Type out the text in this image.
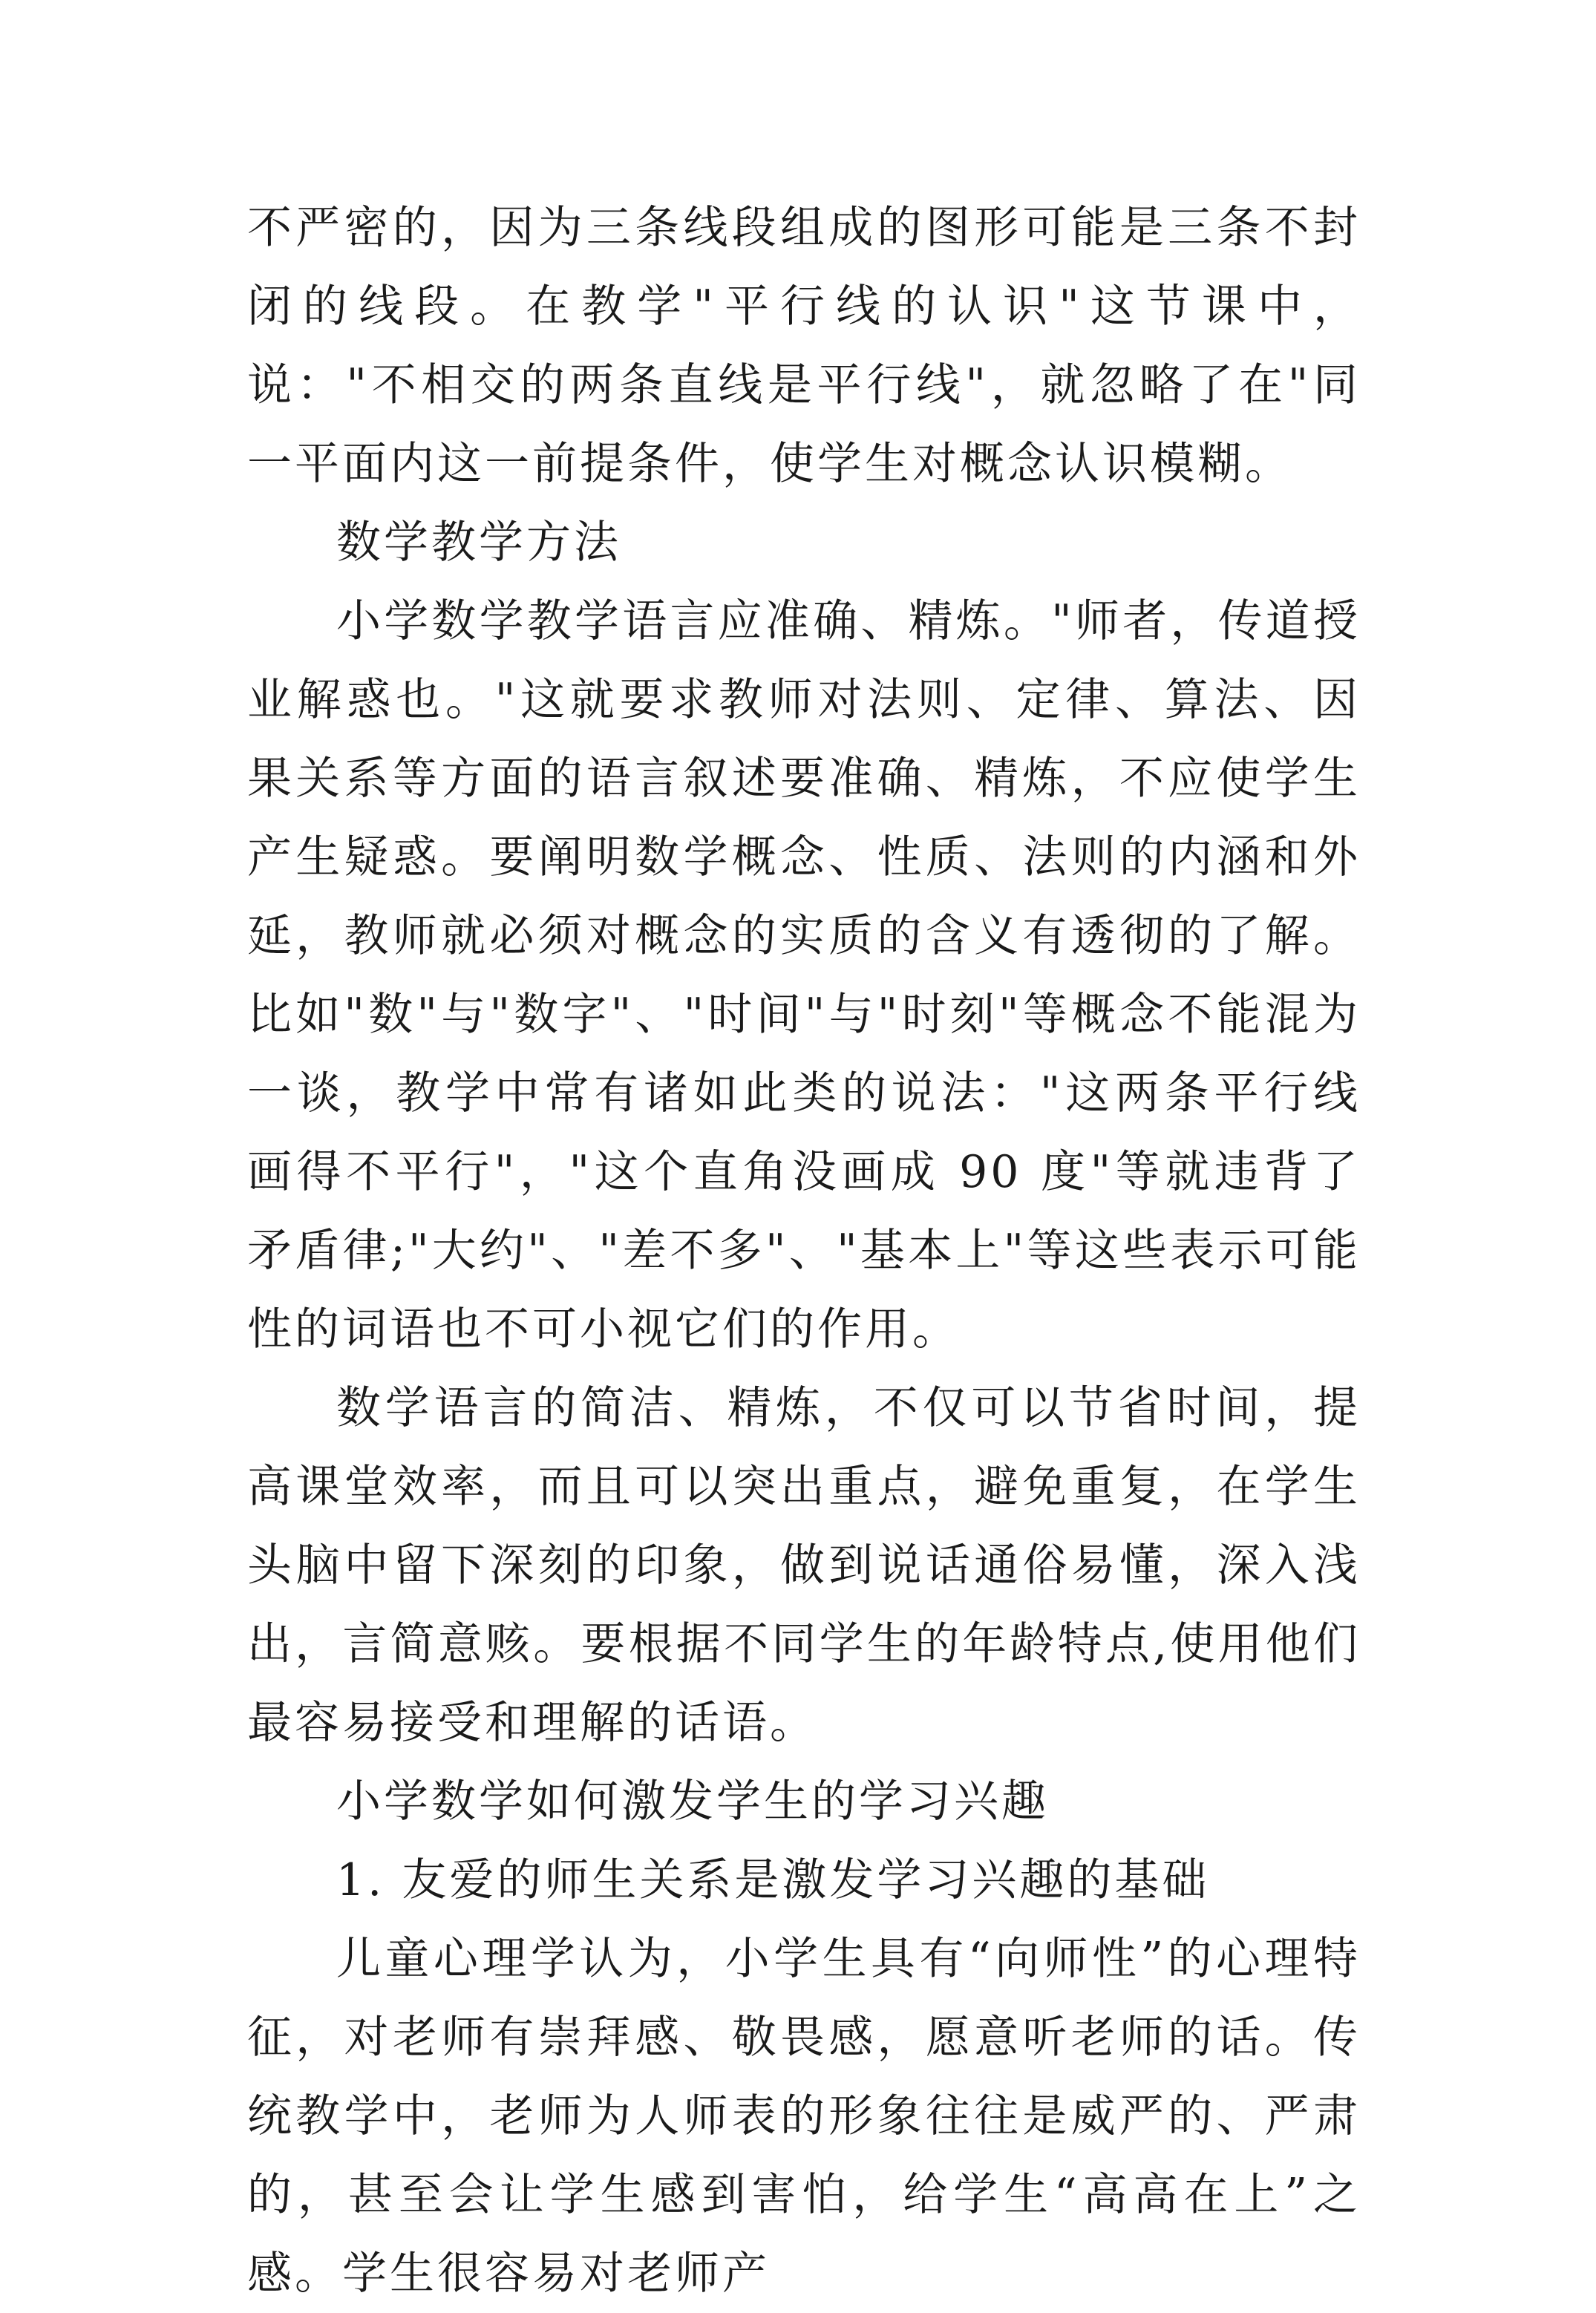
不严密的，因为三条线段组成的图形可能是三条不封闭的线段。在教学"平行线的认识"这节课中，说："不相交的两条直线是平行线"，就忽略了在"同一平面内这一前提条件，使学生对概念认识模糊。

数学教学方法

小学数学教学语言应准确、精炼。"师者，传道授业解惑也。"这就要求教师对法则、定律、算法、因果关系等方面的语言叙述要准确、精炼，不应使学生产生疑惑。要阐明数学概念、性质、法则的内涵和外延，教师就必须对概念的实质的含义有透彻的了解。比如"数"与"数字"、"时间"与"时刻"等概念不能混为一谈，教学中常有诸如此类的说法："这两条平行线画得不平行"，"这个直角没画成 90 度"等就违背了矛盾律;"大约"、"差不多"、"基本上"等这些表示可能性的词语也不可小视它们的作用。

数学语言的简洁、精炼，不仅可以节省时间，提高课堂效率，而且可以突出重点，避免重复，在学生头脑中留下深刻的印象，做到说话通俗易懂，深入浅出，言简意赅。要根据不同学生的年龄特点,使用他们最容易接受和理解的话语。

小学数学如何激发学生的学习兴趣

1. 友爱的师生关系是激发学习兴趣的基础

儿童心理学认为，小学生具有“向师性”的心理特征，对老师有崇拜感、敬畏感，愿意听老师的话。传统教学中，老师为人师表的形象往往是威严的、严肃的，甚至会让学生感到害怕，给学生“高高在上”之感。学生很容易对老师产
